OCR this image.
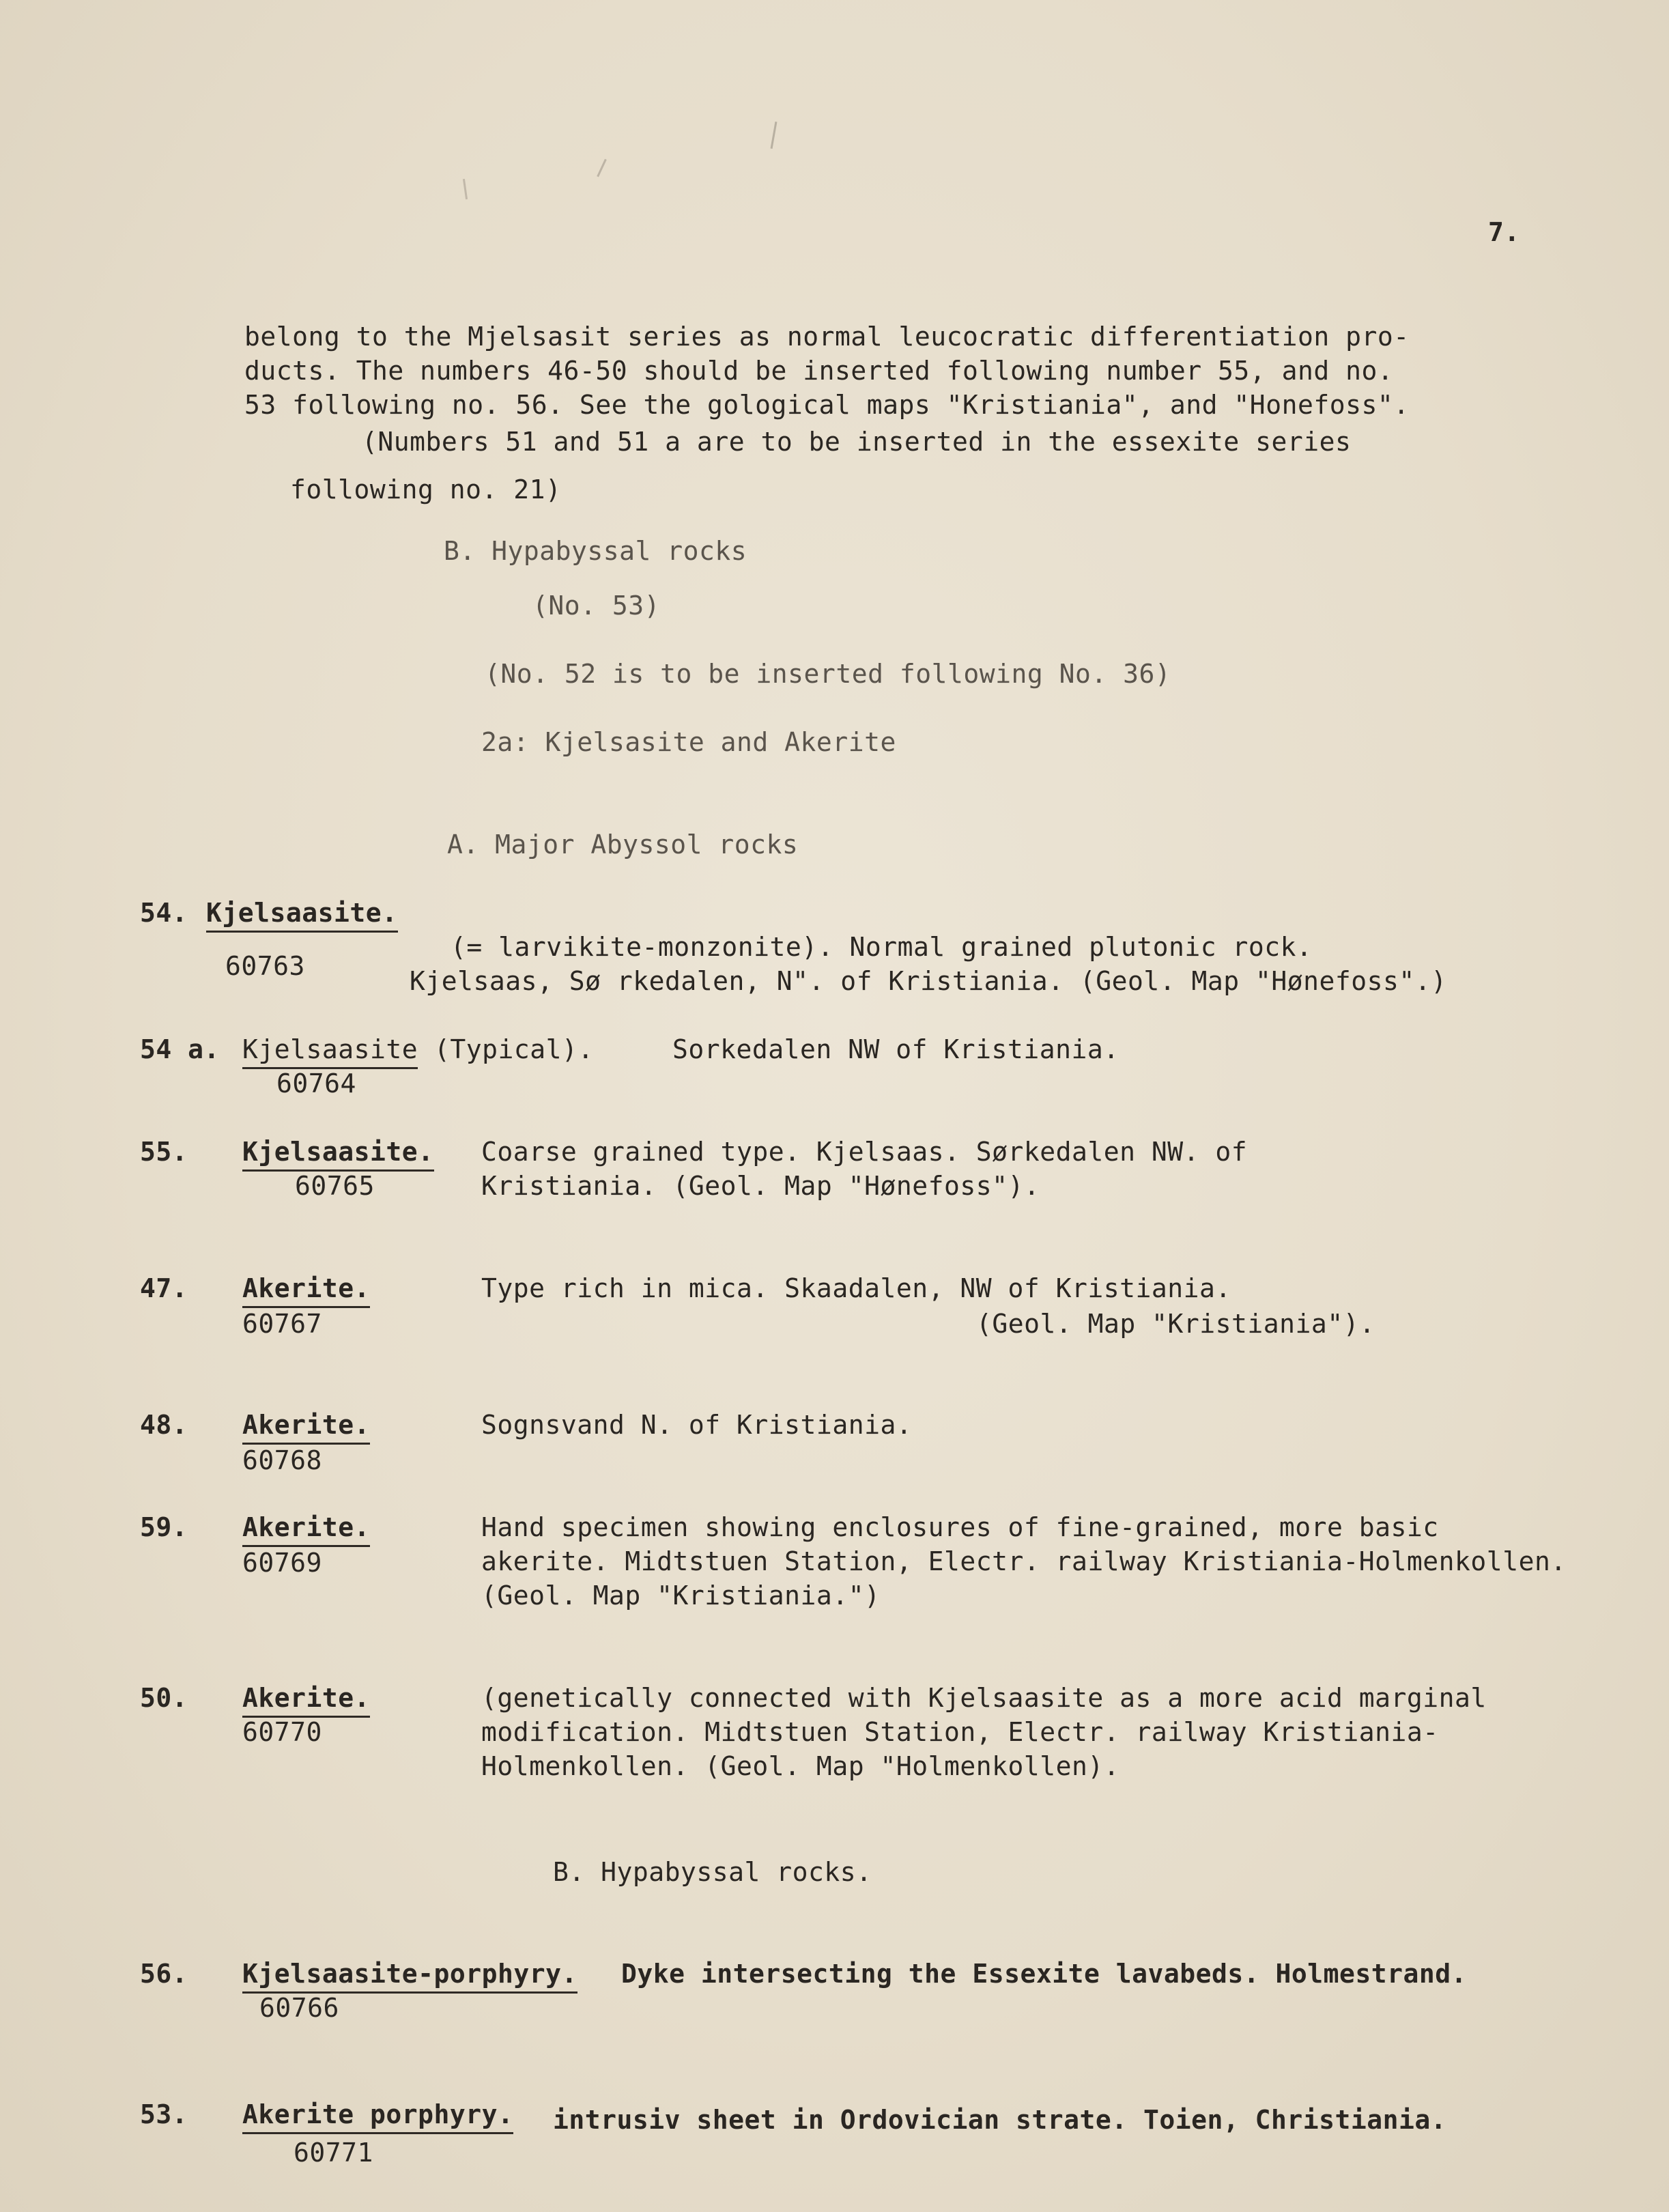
7.
belong to the Mjelsasit series as normal leucocratic differentiation pro-
ducts. The numbers 46-50 should be inserted following number 55, and no.
53 following no. 56. See the gological maps "Kristiania", and "Honefoss".
(Numbers 51 and 51 a are to be inserted in the essexite series
following no. 21)
B. Hypabyssal rocks
(No. 53)
(No. 52 is to be inserted following No. 36)
2a: Kjelsasite and Akerite
A. Major Abyssol rocks
54. Kjelsaasite.
60763
(= larvikite-monzonite). Normal grained plutonic rock.
Kjelsaas, Sø rkedalen, N". of Kristiania. (Geol. Map "Hønefoss".)
54 a. Kjelsaasite (Typical).
60764
Sorkedalen NW of Kristiania.
55. Kjelsaasite.
60765
Coarse grained type. Kjelsaas. Sørkedalen NW. of
Kristiania. (Geol. Map "Hønefoss").
47. Akerite.
60767
Type rich in mica. Skaadalen, NW of Kristiania.
(Geol. Map "Kristiania").
48. Akerite.
60768
Sognsvand N. of Kristiania.
59. Akerite.
60769
Hand specimen showing enclosures of fine-grained, more basic
akerite. Midtstuen Station, Electr. railway Kristiania-Holmenkollen.
(Geol. Map "Kristiania.")
50. Akerite.
60770
(genetically connected with Kjelsaasite as a more acid marginal
modification. Midtstuen Station, Electr. railway Kristiania-
Holmenkollen. (Geol. Map "Holmenkollen).
B. Hypabyssal rocks.
56. Kjelsaasite-porphyry.
60766
Dyke intersecting the Essexite lavabeds. Holmestrand.
53. Akerite porphyry.
60771
intrusiv sheet in Ordovician strate. Toien, Christiania.
